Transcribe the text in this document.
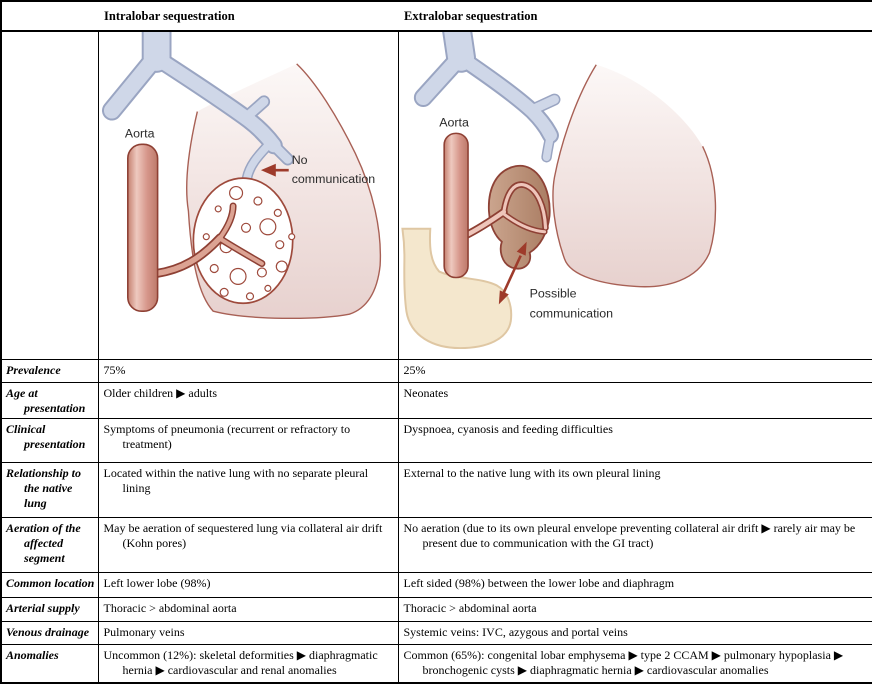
	Intralobar sequestration	Extralobar sequestration

Aorta
No
communication	Aorta
Possible
communication

Prevalence	75%	25%
Age at presentation	Older children ▶ adults	Neonates
Clinical presentation	Symptoms of pneumonia (recurrent or refractory to treatment)	Dyspnoea, cyanosis and feeding difficulties
Relationship to the native lung	Located within the native lung with no separate pleural lining	External to the native lung with its own pleural lining
Aeration of the affected segment	May be aeration of sequestered lung via collateral air drift (Kohn pores)	No aeration (due to its own pleural envelope preventing collateral air drift ▶ rarely air may be present due to communication with the GI tract)
Common location	Left lower lobe (98%)	Left sided (98%) between the lower lobe and diaphragm
Arterial supply	Thoracic > abdominal aorta	Thoracic > abdominal aorta
Venous drainage	Pulmonary veins	Systemic veins: IVC, azygous and portal veins
Anomalies	Uncommon (12%): skeletal deformities ▶ diaphragmatic hernia ▶ cardiovascular and renal anomalies	Common (65%): congenital lobar emphysema ▶ type 2 CCAM ▶ pulmonary hypoplasia ▶ bronchogenic cysts ▶ diaphragmatic hernia ▶ cardiovascular anomalies
